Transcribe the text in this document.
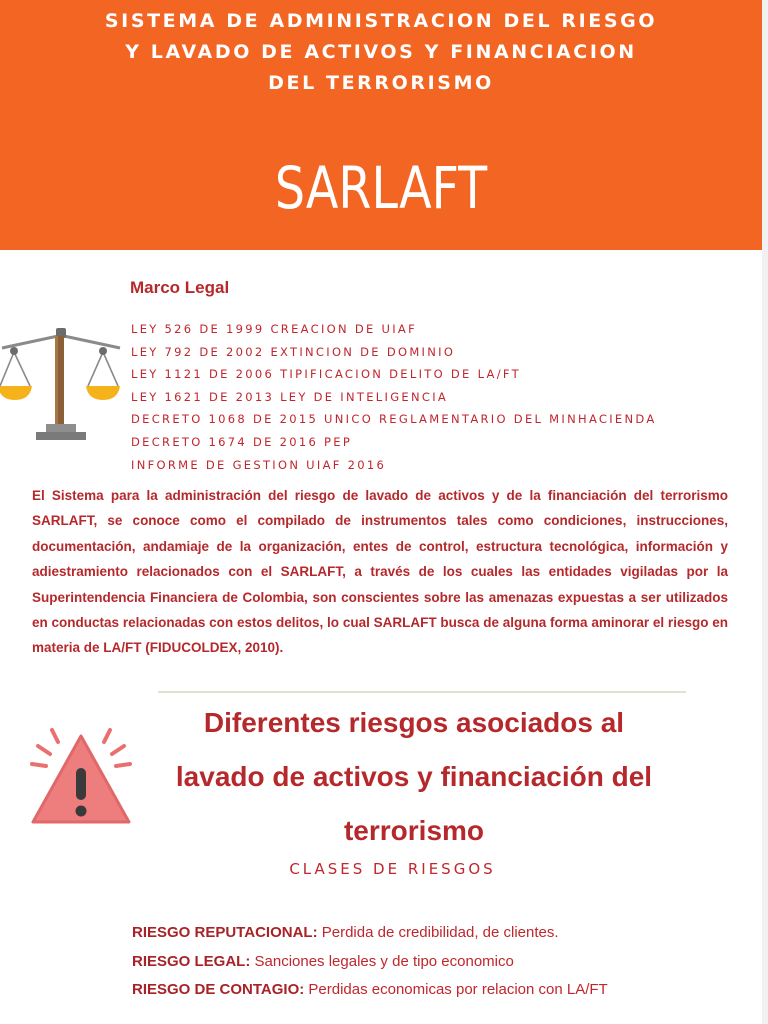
SISTEMA DE ADMINISTRACION DEL RIESGO
Y LAVADO DE ACTIVOS Y FINANCIACION
DEL TERRORISMO
SARLAFT
Marco Legal
LEY 526 DE 1999 CREACION DE UIAF
LEY 792 DE 2002 EXTINCION DE DOMINIO
LEY 1121 DE 2006 TIPIFICACION DELITO DE LA/FT
LEY 1621 DE 2013 LEY DE INTELIGENCIA
DECRETO 1068 DE 2015 UNICO REGLAMENTARIO DEL MINHACIENDA
DECRETO 1674 DE 2016 PEP
INFORME DE GESTION UIAF 2016

El Sistema para la administración del riesgo de lavado de activos y de la financiación del terrorismo SARLAFT, se conoce como el compilado de instrumentos tales como condiciones, instrucciones, documentación, andamiaje de la organización, entes de control, estructura tecnológica, información y adiestramiento relacionados con el SARLAFT, a través de los cuales las entidades vigiladas por la Superintendencia Financiera de Colombia, son conscientes sobre las amenazas expuestas a ser utilizados en conductas relacionadas con estos delitos, lo cual SARLAFT busca de alguna forma aminorar el riesgo en materia de LA/FT (FIDUCOLDEX, 2010).

Diferentes riesgos asociados al
lavado de activos y financiación del
terrorismo
CLASES DE RIESGOS
RIESGO REPUTACIONAL: Perdida de credibilidad, de clientes.
RIESGO LEGAL: Sanciones legales y de tipo economico
RIESGO DE CONTAGIO: Perdidas economicas por relacion con LA/FT
